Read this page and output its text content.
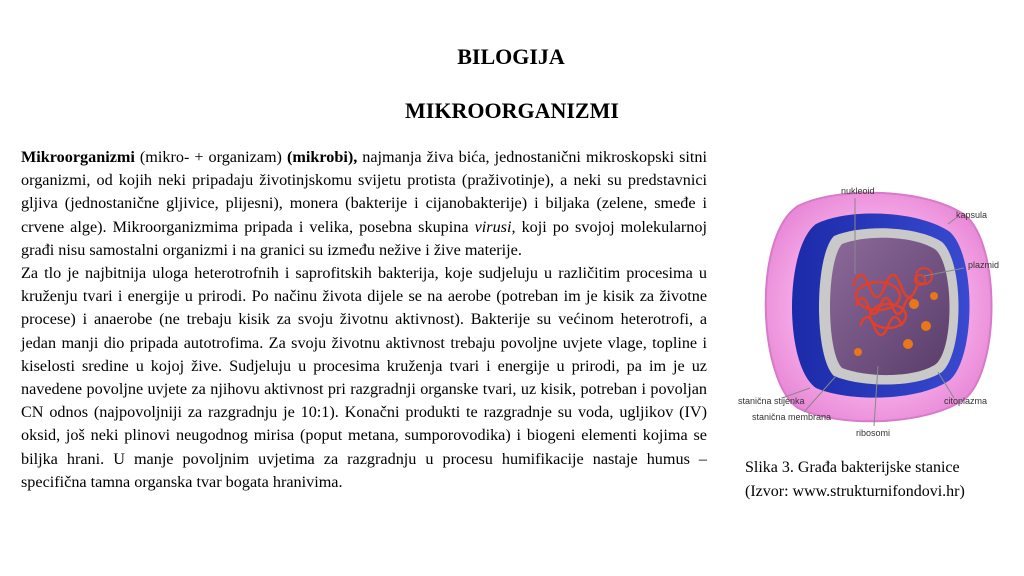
BILOGIJA
MIKROORGANIZMI

Mikroorganizmi (mikro- + organizam) (mikrobi), najmanja živa bića, jednostanični mikroskopski sitni organizmi, od kojih neki pripadaju životinjskomu svijetu protista (praživotinje), a neki su predstavnici gljiva (jednostanične gljivice, plijesni), monera (bakterije i cijanobakterije) i biljaka (zelene, smeđe i crvene alge). Mikroorganizmima pripada i velika, posebna skupina virusi, koji po svojoj molekularnoj građi nisu samostalni organizmi i na granici su između nežive i žive materije.

Za tlo je najbitnija uloga heterotrofnih i saprofitskih bakterija, koje sudjeluju u različitim procesima u kruženju tvari i energije u prirodi. Po načinu života dijele se na aerobe (potreban im je kisik za životne procese) i anaerobe (ne trebaju kisik za svoju životnu aktivnost). Bakterije su većinom heterotrofi, a jedan manji dio pripada autotrofima. Za svoju životnu aktivnost trebaju povoljne uvjete vlage, topline i kiselosti sredine u kojoj žive. Sudjeluju u procesima kruženja tvari i energije u prirodi, pa im je uz navedene povoljne uvjete za njihovu aktivnost pri razgradnji organske tvari, uz kisik, potreban i povoljan CN odnos (najpovoljniji za razgradnju je 10:1). Konačni produkti te razgradnje su voda, ugljikov (IV) oksid, još neki plinovi neugodnog mirisa (poput metana, sumporovodika) i biogeni elementi kojima se biljka hrani. U manje povoljnim uvjetima za razgradnju u procesu humifikacije nastaje humus – specifična tamna organska tvar bogata hranivima.

nukleoid
kapsula
plazmid
stanična stijenka
stanična membrana
ribosomi
citoplazma
Slika 3. Građa bakterijske stanice
(Izvor: www.strukturnifondovi.hr)
